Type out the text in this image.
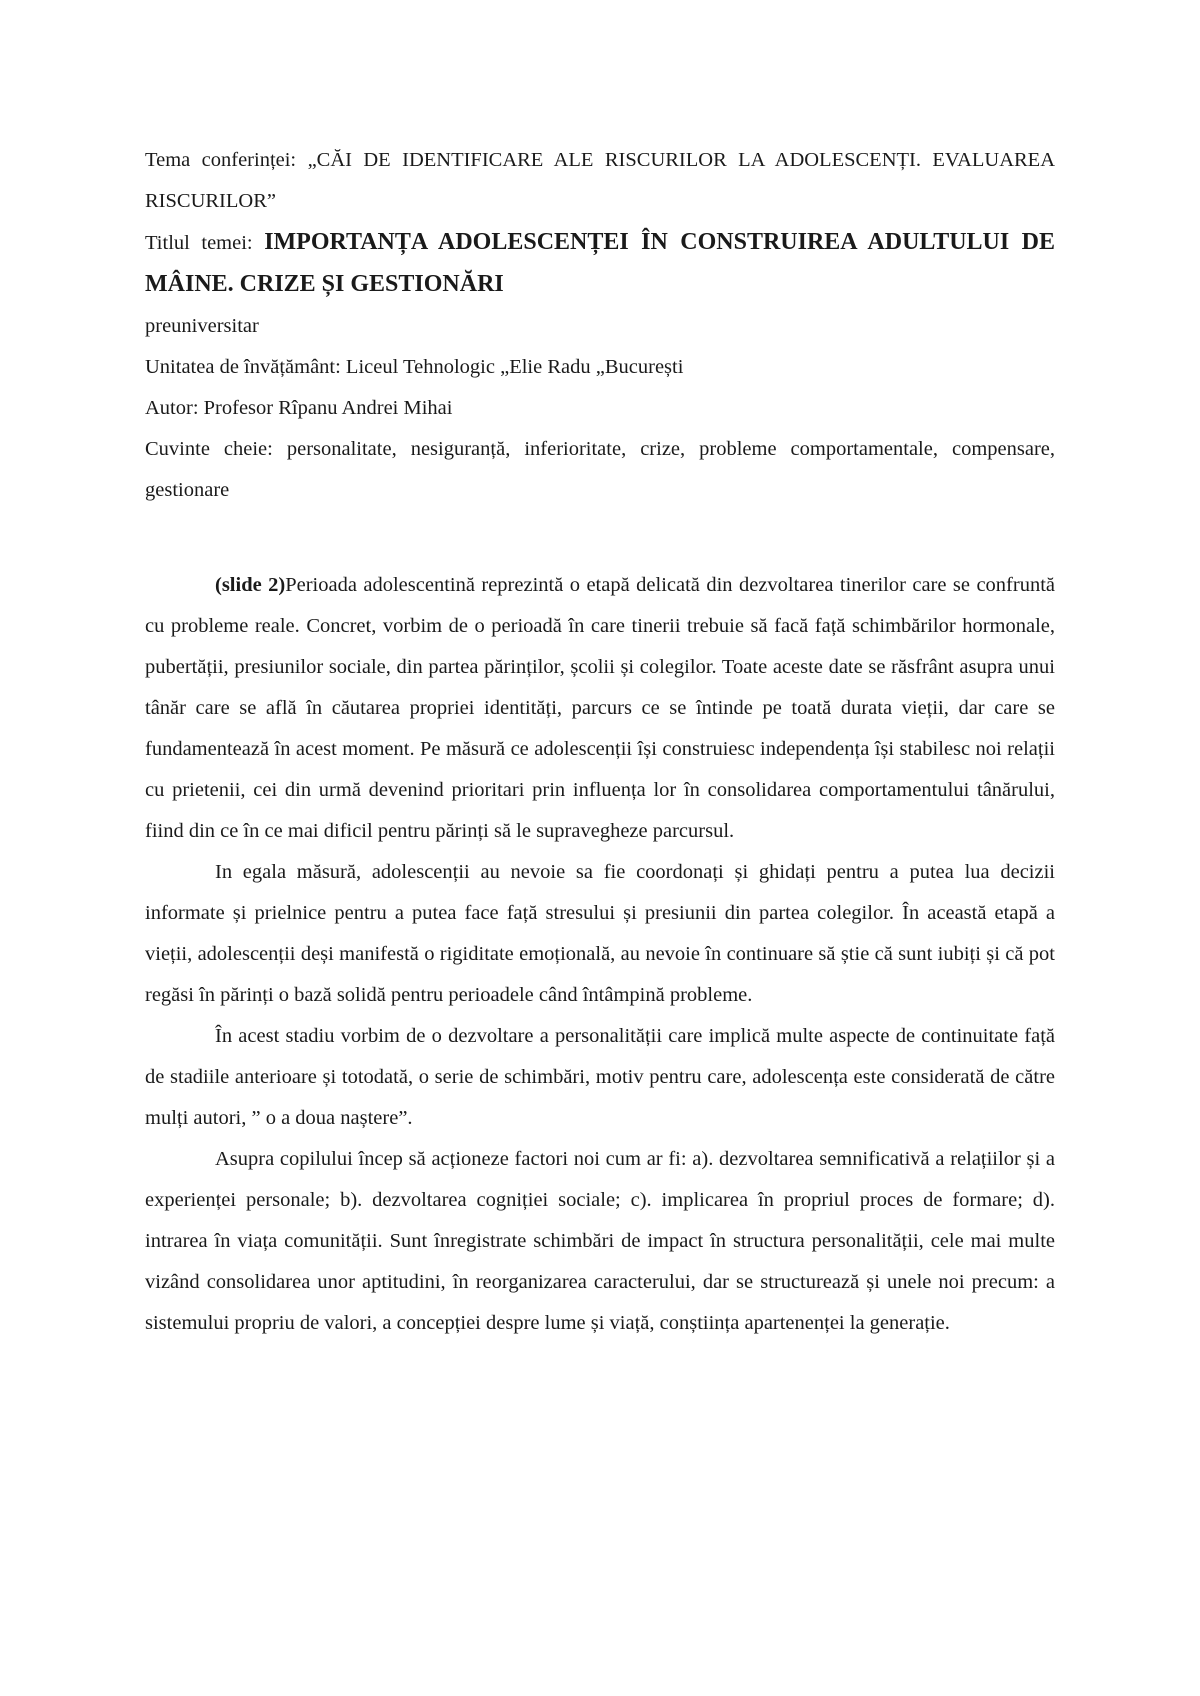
Tema conferinței: „CĂI DE IDENTIFICARE ALE RISCURILOR LA ADOLESCENȚI. EVALUAREA RISCURILOR”

Titlul temei: IMPORTANȚA ADOLESCENȚEI ÎN CONSTRUIREA ADULTULUI DE MÂINE. CRIZE ȘI GESTIONĂRI

preuniversitar

Unitatea de învățământ: Liceul Tehnologic „Elie Radu „București

Autor: Profesor Rîpanu Andrei Mihai

Cuvinte cheie: personalitate, nesiguranță, inferioritate, crize, probleme comportamentale, compensare, gestionare

(slide 2)Perioada adolescentină reprezintă o etapă delicată din dezvoltarea tinerilor care se confruntă cu probleme reale. Concret, vorbim de o perioadă în care tinerii trebuie să facă față schimbărilor hormonale, pubertății, presiunilor sociale, din partea părinților, școlii și colegilor. Toate aceste date se răsfrânt asupra unui tânăr care se află în căutarea propriei identități, parcurs ce se întinde pe toată durata vieții, dar care se fundamentează în acest moment. Pe măsură ce adolescenții își construiesc independența își stabilesc noi relații cu prietenii, cei din urmă devenind prioritari prin influența lor în consolidarea comportamentului tânărului, fiind din ce în ce mai dificil pentru părinți să le supravegheze parcursul.

In egala măsură, adolescenții au nevoie sa fie coordonați și ghidați pentru a putea lua decizii informate și prielnice pentru a putea face față stresului și presiunii din partea colegilor. În această etapă a vieții, adolescenții deși manifestă o rigiditate emoțională, au nevoie în continuare să știe că sunt iubiți și că pot regăsi în părinți o bază solidă pentru perioadele când întâmpină probleme.

În acest stadiu vorbim de o dezvoltare a personalității care implică multe aspecte de continuitate față de stadiile anterioare și totodată, o serie de schimbări, motiv pentru care, adolescența este considerată de către mulți autori, ” o a doua naștere”.

Asupra copilului încep să acționeze factori noi cum ar fi: a). dezvoltarea semnificativă a relațiilor și a experienței personale; b). dezvoltarea cogniției sociale; c). implicarea în propriul proces de formare; d). intrarea în viața comunității. Sunt înregistrate schimbări de impact în structura personalității, cele mai multe vizând consolidarea unor aptitudini, în reorganizarea caracterului, dar se structurează și unele noi precum: a sistemului propriu de valori, a concepției despre lume și viață, conștiința apartenenței la generație.
